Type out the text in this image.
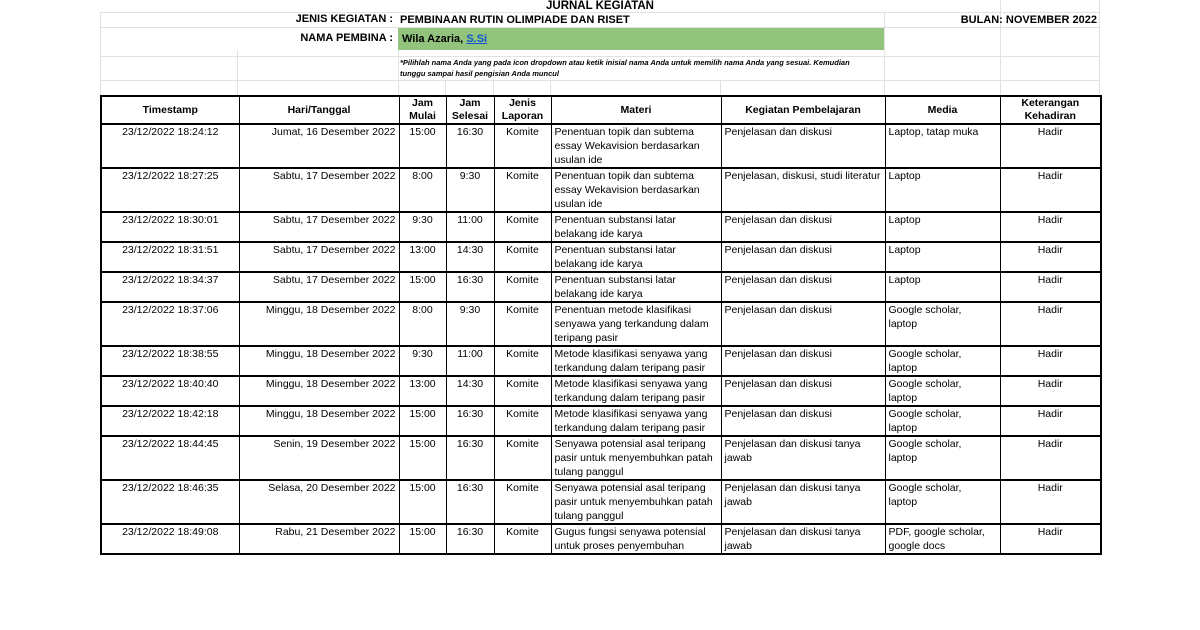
JURNAL KEGIATAN
JENIS KEGIATAN : PEMBINAAN RUTIN OLIMPIADE DAN RISET	BULAN: NOVEMBER 2022
NAMA PEMBINA : Wila Azaria, S.Si
*Pilihlah nama Anda yang pada icon dropdown atau ketik inisial nama Anda untuk memilih nama Anda yang sesuai. Kemudian tunggu sampai hasil pengisian Anda muncul
Timestamp	Hari/Tanggal	Jam Mulai	Jam Selesai	Jenis Laporan	Materi	Kegiatan Pembelajaran	Media	Keterangan Kehadiran
23/12/2022 18:24:12	Jumat, 16 Desember 2022	15:00	16:30	Komite	Penentuan topik dan subtema essay Wekavision berdasarkan usulan ide	Penjelasan dan diskusi	Laptop, tatap muka	Hadir
23/12/2022 18:27:25	Sabtu, 17 Desember 2022	8:00	9:30	Komite	Penentuan topik dan subtema essay Wekavision berdasarkan usulan ide	Penjelasan, diskusi, studi literatur	Laptop	Hadir
23/12/2022 18:30:01	Sabtu, 17 Desember 2022	9:30	11:00	Komite	Penentuan substansi latar belakang ide karya	Penjelasan dan diskusi	Laptop	Hadir
23/12/2022 18:31:51	Sabtu, 17 Desember 2022	13:00	14:30	Komite	Penentuan substansi latar belakang ide karya	Penjelasan dan diskusi	Laptop	Hadir
23/12/2022 18:34:37	Sabtu, 17 Desember 2022	15:00	16:30	Komite	Penentuan substansi latar belakang ide karya	Penjelasan dan diskusi	Laptop	Hadir
23/12/2022 18:37:06	Minggu, 18 Desember 2022	8:00	9:30	Komite	Penentuan metode klasifikasi senyawa yang terkandung dalam teripang pasir	Penjelasan dan diskusi	Google scholar, laptop	Hadir
23/12/2022 18:38:55	Minggu, 18 Desember 2022	9:30	11:00	Komite	Metode klasifikasi senyawa yang terkandung dalam teripang pasir	Penjelasan dan diskusi	Google scholar, laptop	Hadir
23/12/2022 18:40:40	Minggu, 18 Desember 2022	13:00	14:30	Komite	Metode klasifikasi senyawa yang terkandung dalam teripang pasir	Penjelasan dan diskusi	Google scholar, laptop	Hadir
23/12/2022 18:42:18	Minggu, 18 Desember 2022	15:00	16:30	Komite	Metode klasifikasi senyawa yang terkandung dalam teripang pasir	Penjelasan dan diskusi	Google scholar, laptop	Hadir
23/12/2022 18:44:45	Senin, 19 Desember 2022	15:00	16:30	Komite	Senyawa potensial asal teripang pasir untuk menyembuhkan patah tulang panggul	Penjelasan dan diskusi tanya jawab	Google scholar, laptop	Hadir
23/12/2022 18:46:35	Selasa, 20 Desember 2022	15:00	16:30	Komite	Senyawa potensial asal teripang pasir untuk menyembuhkan patah tulang panggul	Penjelasan dan diskusi tanya jawab	Google scholar, laptop	Hadir
23/12/2022 18:49:08	Rabu, 21 Desember 2022	15:00	16:30	Komite	Gugus fungsi senyawa potensial untuk proses penyembuhan	Penjelasan dan diskusi tanya jawab	PDF, google scholar, google docs	Hadir
